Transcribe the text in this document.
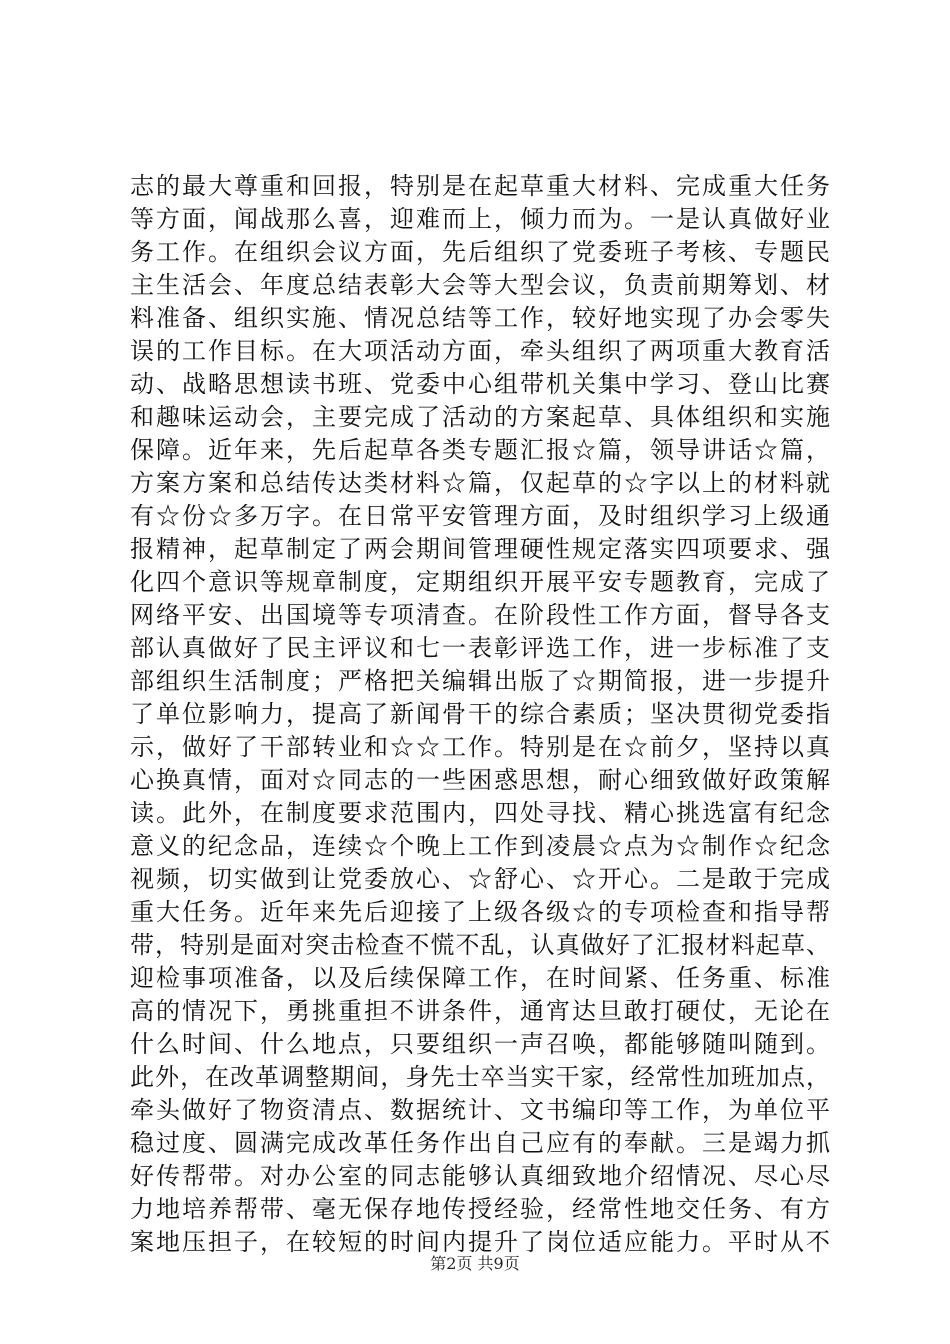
志的最大尊重和回报，特别是在起草重大材料、完成重大任务
等方面，闻战那么喜，迎难而上，倾力而为。一是认真做好业
务工作。在组织会议方面，先后组织了党委班子考核、专题民
主生活会、年度总结表彰大会等大型会议，负责前期筹划、材
料准备、组织实施、情况总结等工作，较好地实现了办会零失
误的工作目标。在大项活动方面，牵头组织了两项重大教育活
动、战略思想读书班、党委中心组带机关集中学习、登山比赛
和趣味运动会，主要完成了活动的方案起草、具体组织和实施
保障。近年来，先后起草各类专题汇报☆篇，领导讲话☆篇，
方案方案和总结传达类材料☆篇，仅起草的☆字以上的材料就
有☆份☆多万字。在日常平安管理方面，及时组织学习上级通
报精神，起草制定了两会期间管理硬性规定落实四项要求、强
化四个意识等规章制度，定期组织开展平安专题教育，完成了
网络平安、出国境等专项清查。在阶段性工作方面，督导各支
部认真做好了民主评议和七一表彰评选工作，进一步标准了支
部组织生活制度；严格把关编辑出版了☆期简报，进一步提升
了单位影响力，提高了新闻骨干的综合素质；坚决贯彻党委指
示，做好了干部转业和☆☆工作。特别是在☆前夕，坚持以真
心换真情，面对☆同志的一些困惑思想，耐心细致做好政策解
读。此外，在制度要求范围内，四处寻找、精心挑选富有纪念
意义的纪念品，连续☆个晚上工作到凌晨☆点为☆制作☆纪念
视频，切实做到让党委放心、☆舒心、☆开心。二是敢于完成
重大任务。近年来先后迎接了上级各级☆的专项检查和指导帮
带，特别是面对突击检查不慌不乱，认真做好了汇报材料起草、
迎检事项准备，以及后续保障工作，在时间紧、任务重、标准
高的情况下，勇挑重担不讲条件，通宵达旦敢打硬仗，无论在
什么时间、什么地点，只要组织一声召唤，都能够随叫随到。
此外，在改革调整期间，身先士卒当实干家，经常性加班加点，
牵头做好了物资清点、数据统计、文书编印等工作，为单位平
稳过度、圆满完成改革任务作出自己应有的奉献。三是竭力抓
好传帮带。对办公室的同志能够认真细致地介绍情况、尽心尽
力地培养帮带、毫无保存地传授经验，经常性地交任务、有方
案地压担子，在较短的时间内提升了岗位适应能力。平时从不
第2页 共9页
